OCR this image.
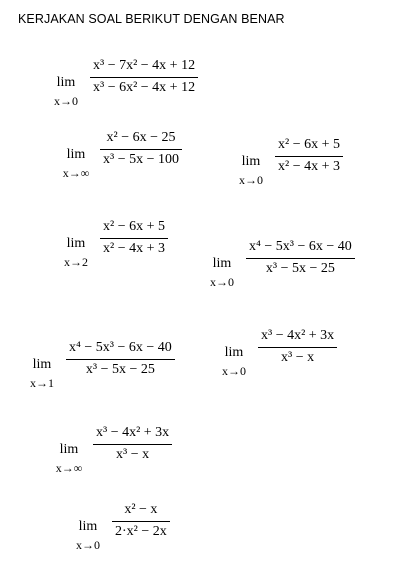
KERJAKAN SOAL BERIKUT DENGAN BENAR
lim
x→0
x³ − 7x² − 4x + 12
x³ − 6x² − 4x + 12
lim
x→∞
x² − 6x − 25
x³ − 5x − 100	lim
x→0
x² − 6x + 5
x² − 4x + 3
lim
x→2
x² − 6x + 5
x² − 4x + 3
lim
x→0
x⁴ − 5x³ − 6x − 40
x³ − 5x − 25
lim
x→1
x⁴ − 5x³ − 6x − 40
x³ − 5x − 25
lim
x→0
x³ − 4x² + 3x
x³ − x
lim
x→∞
x³ − 4x² + 3x
x³ − x
lim
x→0
x² − x
2·x² − 2x
